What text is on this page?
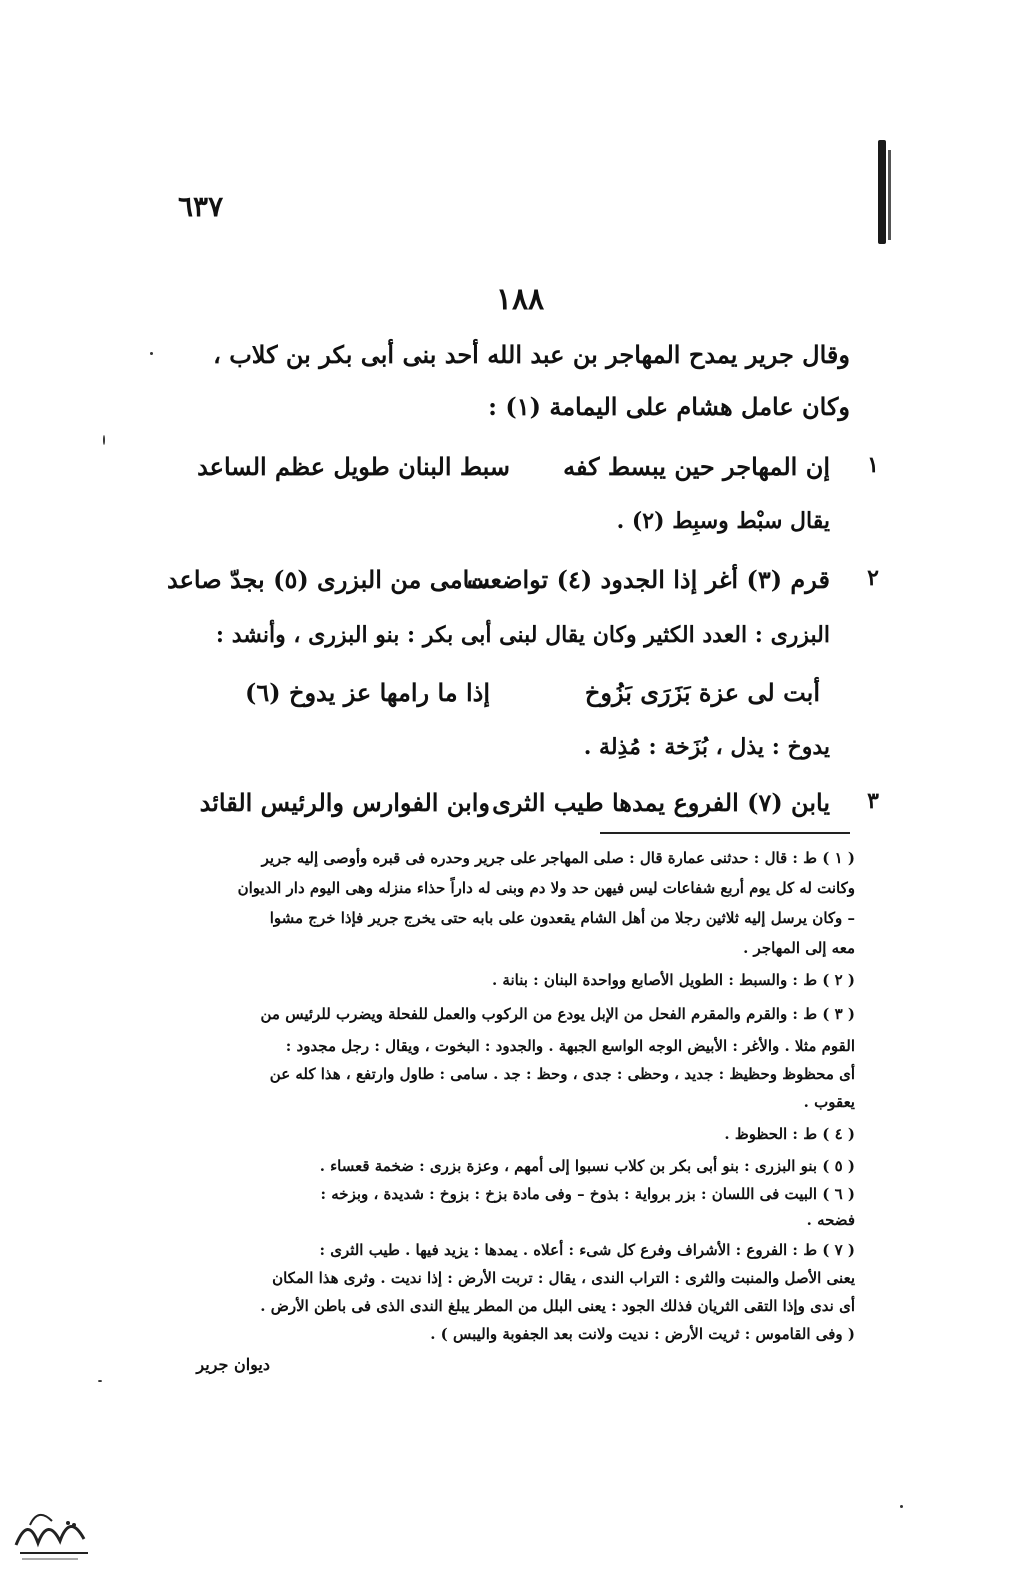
٦٣٧
١٨٨
وقال جرير يمدح المهاجر بن عبد الله أحد بنى أبى بكر بن كلاب ،
وكان عامل هشام على اليمامة (١) :
١
إن المهاجر حين يبسط كفه
سبط البنان طويل عظم الساعد
يقال سبْط وسبِط (٢) .
٢
قرم (٣) أغر إذا الجدود (٤) تواضعت
سامى من البزرى (٥) بجدّ صاعد
البزرى : العدد الكثير وكان يقال لبنى أبى بكر : بنو البزرى ، وأنشد :
أبت لى عزة بَزَرَى بَزُوخ
إذا ما رامها عز يدوخ (٦)
يدوخ : يذل ، بُزَخة : مُذِلة .
٣
يابن (٧) الفروع يمدها طيب الثرى
وابن الفوارس والرئيس القائد
( ١ ) ط : قال : حدثنى عمارة قال : صلى المهاجر على جرير وحدره فى قبره وأوصى إليه جرير
وكانت له كل يوم أربع شفاعات ليس فيهن حد ولا دم وبنى له داراً حذاء منزله وهى اليوم دار الديوان
– وكان يرسل إليه ثلاثين رجلا من أهل الشام يقعدون على بابه حتى يخرج جرير فإذا خرج مشوا
معه إلى المهاجر .
( ٢ ) ط : والسبط : الطويل الأصابع وواحدة البنان : بنانة .
( ٣ ) ط : والقرم والمقرم الفحل من الإبل يودع من الركوب والعمل للفحلة ويضرب للرئيس من
القوم مثلا . والأغر : الأبيض الوجه الواسع الجبهة . والجدود : البخوت ، ويقال : رجل مجدود :
أى محظوظ وحظيظ : جديد ، وحظى : جدى ، وحظ : جد . سامى : طاول وارتفع ، هذا كله عن
يعقوب .
( ٤ ) ط : الحظوظ .
( ٥ ) بنو البزرى : بنو أبى بكر بن كلاب نسبوا إلى أمهم ، وعزة بزرى : ضخمة قعساء .
( ٦ ) البيت فى اللسان : بزر برواية : بذوخ – وفى مادة بزخ : بزوخ : شديدة ، وبزخه :
فضحه .
( ٧ ) ط : الفروع : الأشراف وفرع كل شىء : أعلاه . يمدها : يزيد فيها . طيب الثرى :
يعنى الأصل والمنبت والثرى : التراب الندى ، يقال : تربت الأرض : إذا نديت . وثرى هذا المكان
أى ندى وإذا التقى الثريان فذلك الجود : يعنى البلل من المطر يبلغ الندى الذى فى باطن الأرض .
( وفى القاموس : ثريت الأرض : نديت ولانت بعد الجفوبة واليبس ) .
ديوان جرير
